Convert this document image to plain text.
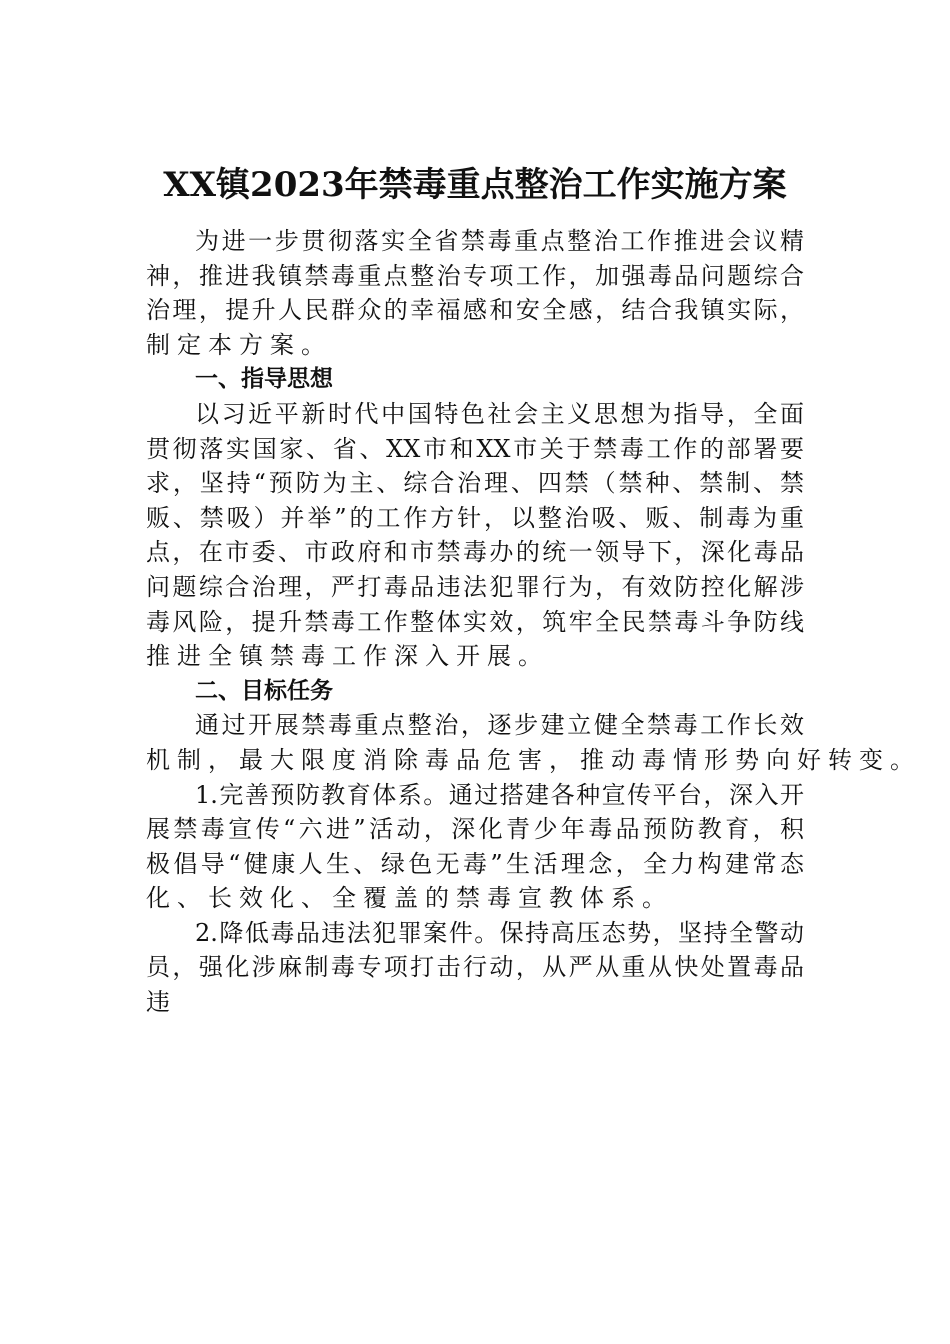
XX镇2023年禁毒重点整治工作实施方案
为进一步贯彻落实全省禁毒重点整治工作推进会议精
神，推进我镇禁毒重点整治专项工作，加强毒品问题综合
治理，提升人民群众的幸福感和安全感，结合我镇实际，
制定本方案。
一、指导思想
以习近平新时代中国特色社会主义思想为指导，全面
贯彻落实国家、省、XX市和XX市关于禁毒工作的部署要
求，坚持“预防为主、综合治理、四禁（禁种、禁制、禁
贩、禁吸）并举”的工作方针，以整治吸、贩、制毒为重
点，在市委、市政府和市禁毒办的统一领导下，深化毒品
问题综合治理，严打毒品违法犯罪行为，有效防控化解涉
毒风险，提升禁毒工作整体实效，筑牢全民禁毒斗争防线
推进全镇禁毒工作深入开展。
二、目标任务
通过开展禁毒重点整治，逐步建立健全禁毒工作长效
机制，最大限度消除毒品危害，推动毒情形势向好转变。
1.完善预防教育体系。通过搭建各种宣传平台，深入开
展禁毒宣传“六进”活动，深化青少年毒品预防教育，积
极倡导“健康人生、绿色无毒”生活理念，全力构建常态
化、长效化、全覆盖的禁毒宣教体系。
2.降低毒品违法犯罪案件。保持高压态势，坚持全警动
员，强化涉麻制毒专项打击行动，从严从重从快处置毒品
违
